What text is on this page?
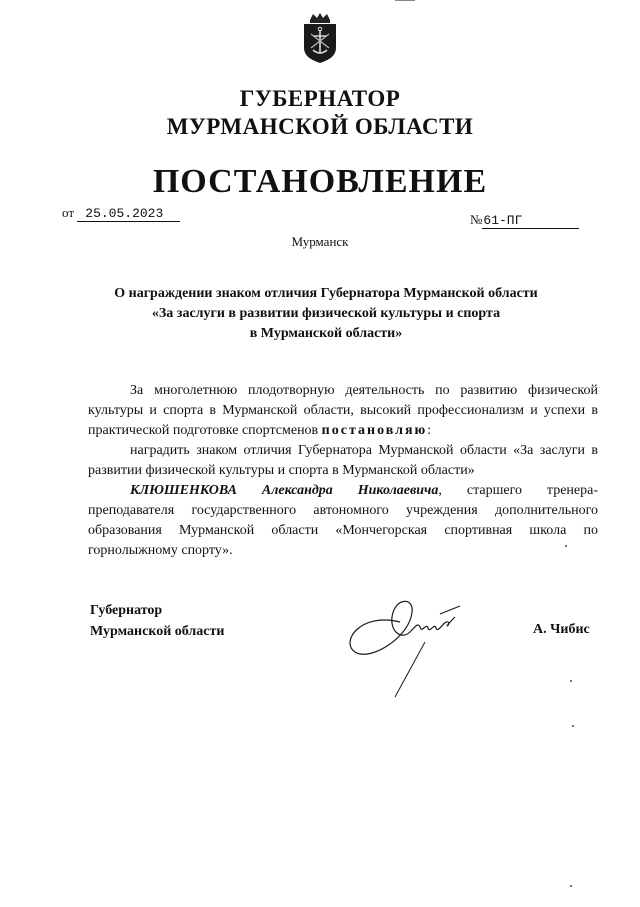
ГУБЕРНАТОР
МУРМАНСКОЙ ОБЛАСТИ
ПОСТАНОВЛЕНИЕ
от 25.05.2023	№61-ПГ
Мурманск
О награждении знаком отличия Губернатора Мурманской области
«За заслуги в развитии физической культуры и спорта
в Мурманской области»

За многолетнюю плодотворную деятельность по развитию физической культуры и спорта в Мурманской области, высокий профессионализм и успехи в практической подготовке спортсменов постановляю:

наградить знаком отличия Губернатора Мурманской области «За заслуги в развитии физической культуры и спорта в Мурманской области»

КЛЮШЕНКОВА Александра Николаевича, старшего тренера-преподавателя государственного автономного учреждения дополнительного образования Мурманской области «Мончегорская спортивная школа по горнолыжному спорту».

Губернатор
Мурманской области	А. Чибис
